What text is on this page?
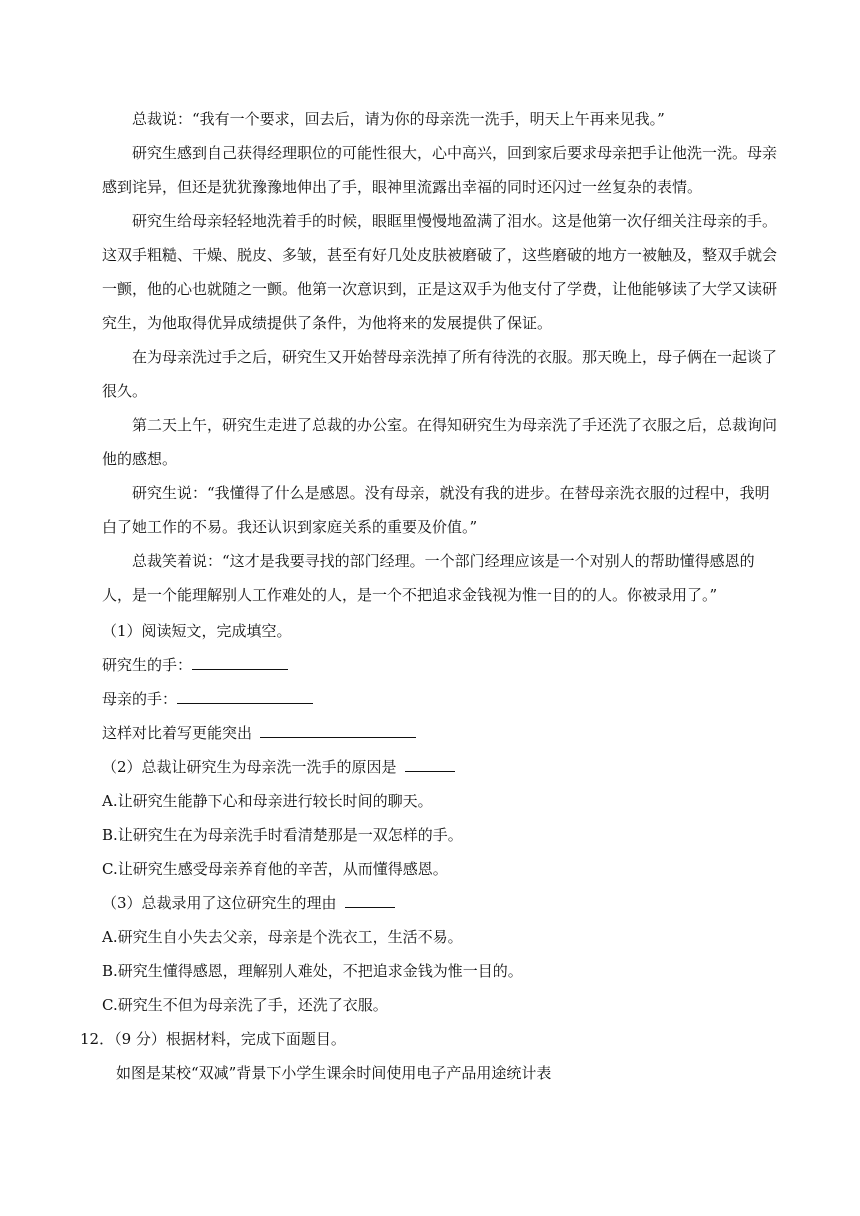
总裁说：“我有一个要求，回去后，请为你的母亲洗一洗手，明天上午再来见我。”

研究生感到自己获得经理职位的可能性很大，心中高兴，回到家后要求母亲把手让他洗一洗。母亲感到诧异，但还是犹犹豫豫地伸出了手，眼神里流露出幸福的同时还闪过一丝复杂的表情。

研究生给母亲轻轻地洗着手的时候，眼眶里慢慢地盈满了泪水。这是他第一次仔细关注母亲的手。这双手粗糙、干燥、脱皮、多皱，甚至有好几处皮肤被磨破了，这些磨破的地方一被触及，整双手就会一颤，他的心也就随之一颤。他第一次意识到，正是这双手为他支付了学费，让他能够读了大学又读研究生，为他取得优异成绩提供了条件，为他将来的发展提供了保证。

在为母亲洗过手之后，研究生又开始替母亲洗掉了所有待洗的衣服。那天晚上，母子俩在一起谈了很久。

第二天上午，研究生走进了总裁的办公室。在得知研究生为母亲洗了手还洗了衣服之后，总裁询问他的感想。

研究生说：“我懂得了什么是感恩。没有母亲，就没有我的进步。在替母亲洗衣服的过程中，我明白了她工作的不易。我还认识到家庭关系的重要及价值。”

总裁笑着说：“这才是我要寻找的部门经理。一个部门经理应该是一个对别人的帮助懂得感恩的人，是一个能理解别人工作难处的人，是一个不把追求金钱视为惟一目的的人。你被录用了。”

（1）阅读短文，完成填空。
研究生的手：
母亲的手：
这样对比着写更能突出
（2）总裁让研究生为母亲洗一洗手的原因是
A.让研究生能静下心和母亲进行较长时间的聊天。
B.让研究生在为母亲洗手时看清楚那是一双怎样的手。
C.让研究生感受母亲养育他的辛苦，从而懂得感恩。
（3）总裁录用了这位研究生的理由
A.研究生自小失去父亲，母亲是个洗衣工，生活不易。
B.研究生懂得感恩，理解别人难处，不把追求金钱为惟一目的。
C.研究生不但为母亲洗了手，还洗了衣服。
12．（9 分）根据材料，完成下面题目。
如图是某校“双减”背景下小学生课余时间使用电子产品用途统计表
